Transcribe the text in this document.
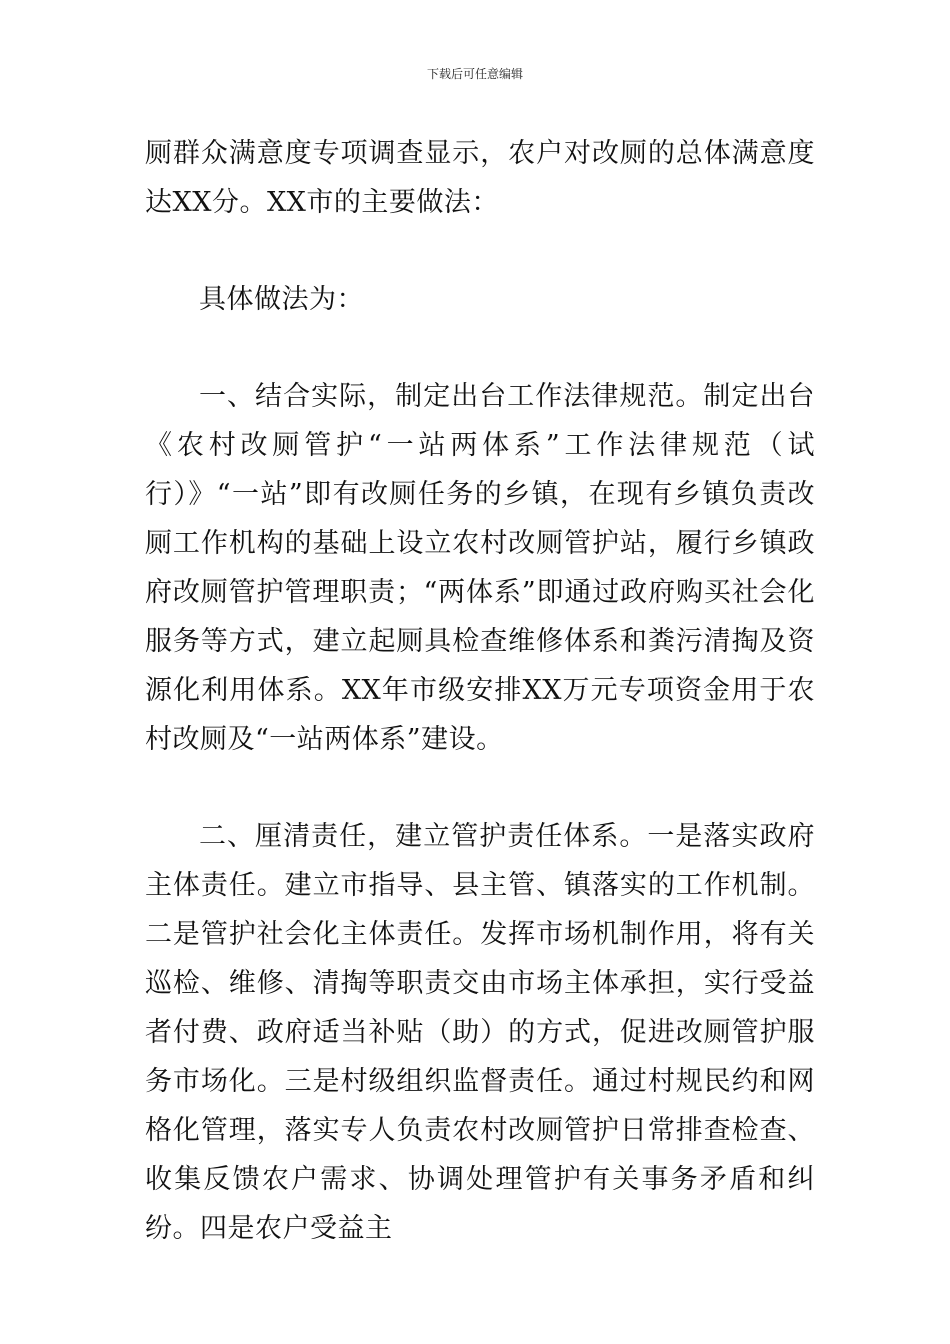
下载后可任意编辑

厕群众满意度专项调查显示，农户对改厕的总体满意度达XX分。XX市的主要做法：

具体做法为：

一、结合实际，制定出台工作法律规范。制定出台《农村改厕管护“一站两体系”工作法律规范（试行）》“一站”即有改厕任务的乡镇，在现有乡镇负责改厕工作机构的基础上设立农村改厕管护站，履行乡镇政府改厕管护管理职责；“两体系”即通过政府购买社会化服务等方式，建立起厕具检查维修体系和粪污清掏及资源化利用体系。XX年市级安排XX万元专项资金用于农村改厕及“一站两体系”建设。

二、厘清责任，建立管护责任体系。一是落实政府主体责任。建立市指导、县主管、镇落实的工作机制。二是管护社会化主体责任。发挥市场机制作用，将有关巡检、维修、清掏等职责交由市场主体承担，实行受益者付费、政府适当补贴（助）的方式，促进改厕管护服务市场化。三是村级组织监督责任。通过村规民约和网格化管理，落实专人负责农村改厕管护日常排查检查、收集反馈农户需求、协调处理管护有关事务矛盾和纠纷。四是农户受益主
